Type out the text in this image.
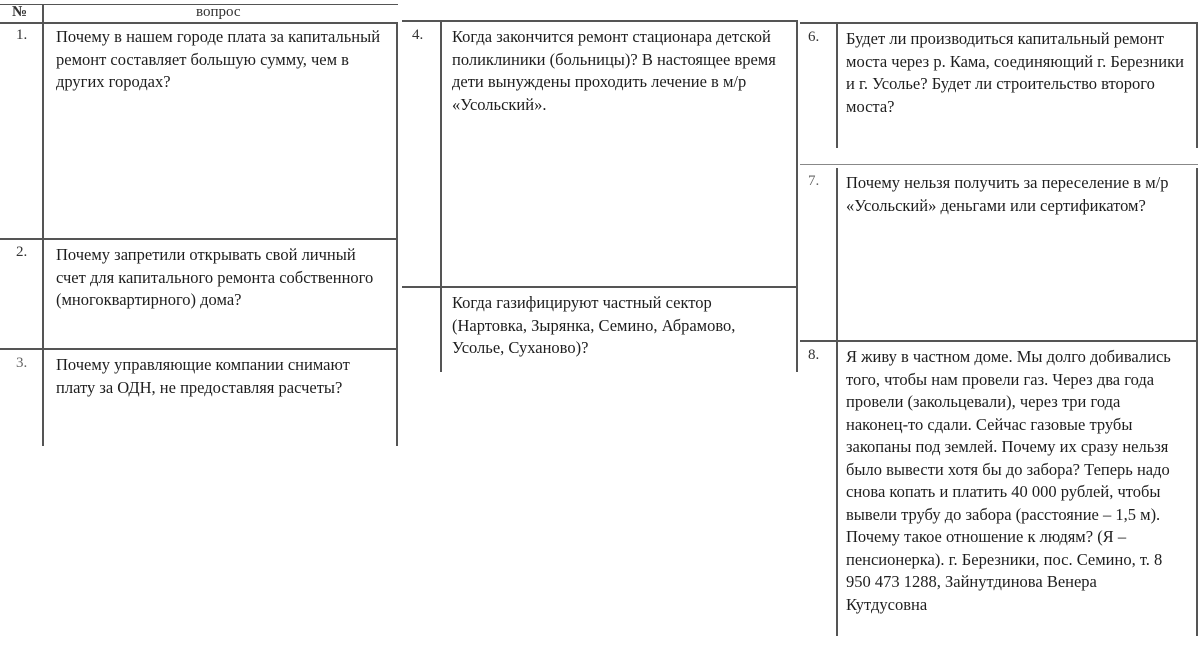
№	вопрос
1. Почему в нашем городе плата за капитальный ремонт составляет большую сумму, чем в других городах?
2. Почему запретили открывать свой личный счет для капитального ремонта собственного (многоквартирного) дома?
3. Почему управляющие компании снимают плату за ОДН, не предоставляя расчеты?
4. Когда закончится ремонт стационара детской поликлиники (больницы)? В настоящее время дети вынуждены проходить лечение в м/р «Усольский».
Когда газифицируют частный сектор (Нартовка, Зырянка, Семино, Абрамово, Усолье, Суханово)?
6. Будет ли производиться капитальный ремонт моста через р. Кама, соединяющий г. Березники и г. Усолье? Будет ли строительство второго моста?
7. Почему нельзя получить за переселение в м/р «Усольский» деньгами или сертификатом?
8. Я живу в частном доме. Мы долго добивались того, чтобы нам провели газ. Через два года провели (закольцевали), через три года наконец-то сдали. Сейчас газовые трубы закопаны под землей. Почему их сразу нельзя было вывести хотя бы до забора? Теперь надо снова копать и платить 40 000 рублей, чтобы вывели трубу до забора (расстояние – 1,5 м). Почему такое отношение к людям? (Я – пенсионерка). г. Березники, пос. Семино, т. 8 950 473 1288, Зайнутдинова Венера Кутдусовна
